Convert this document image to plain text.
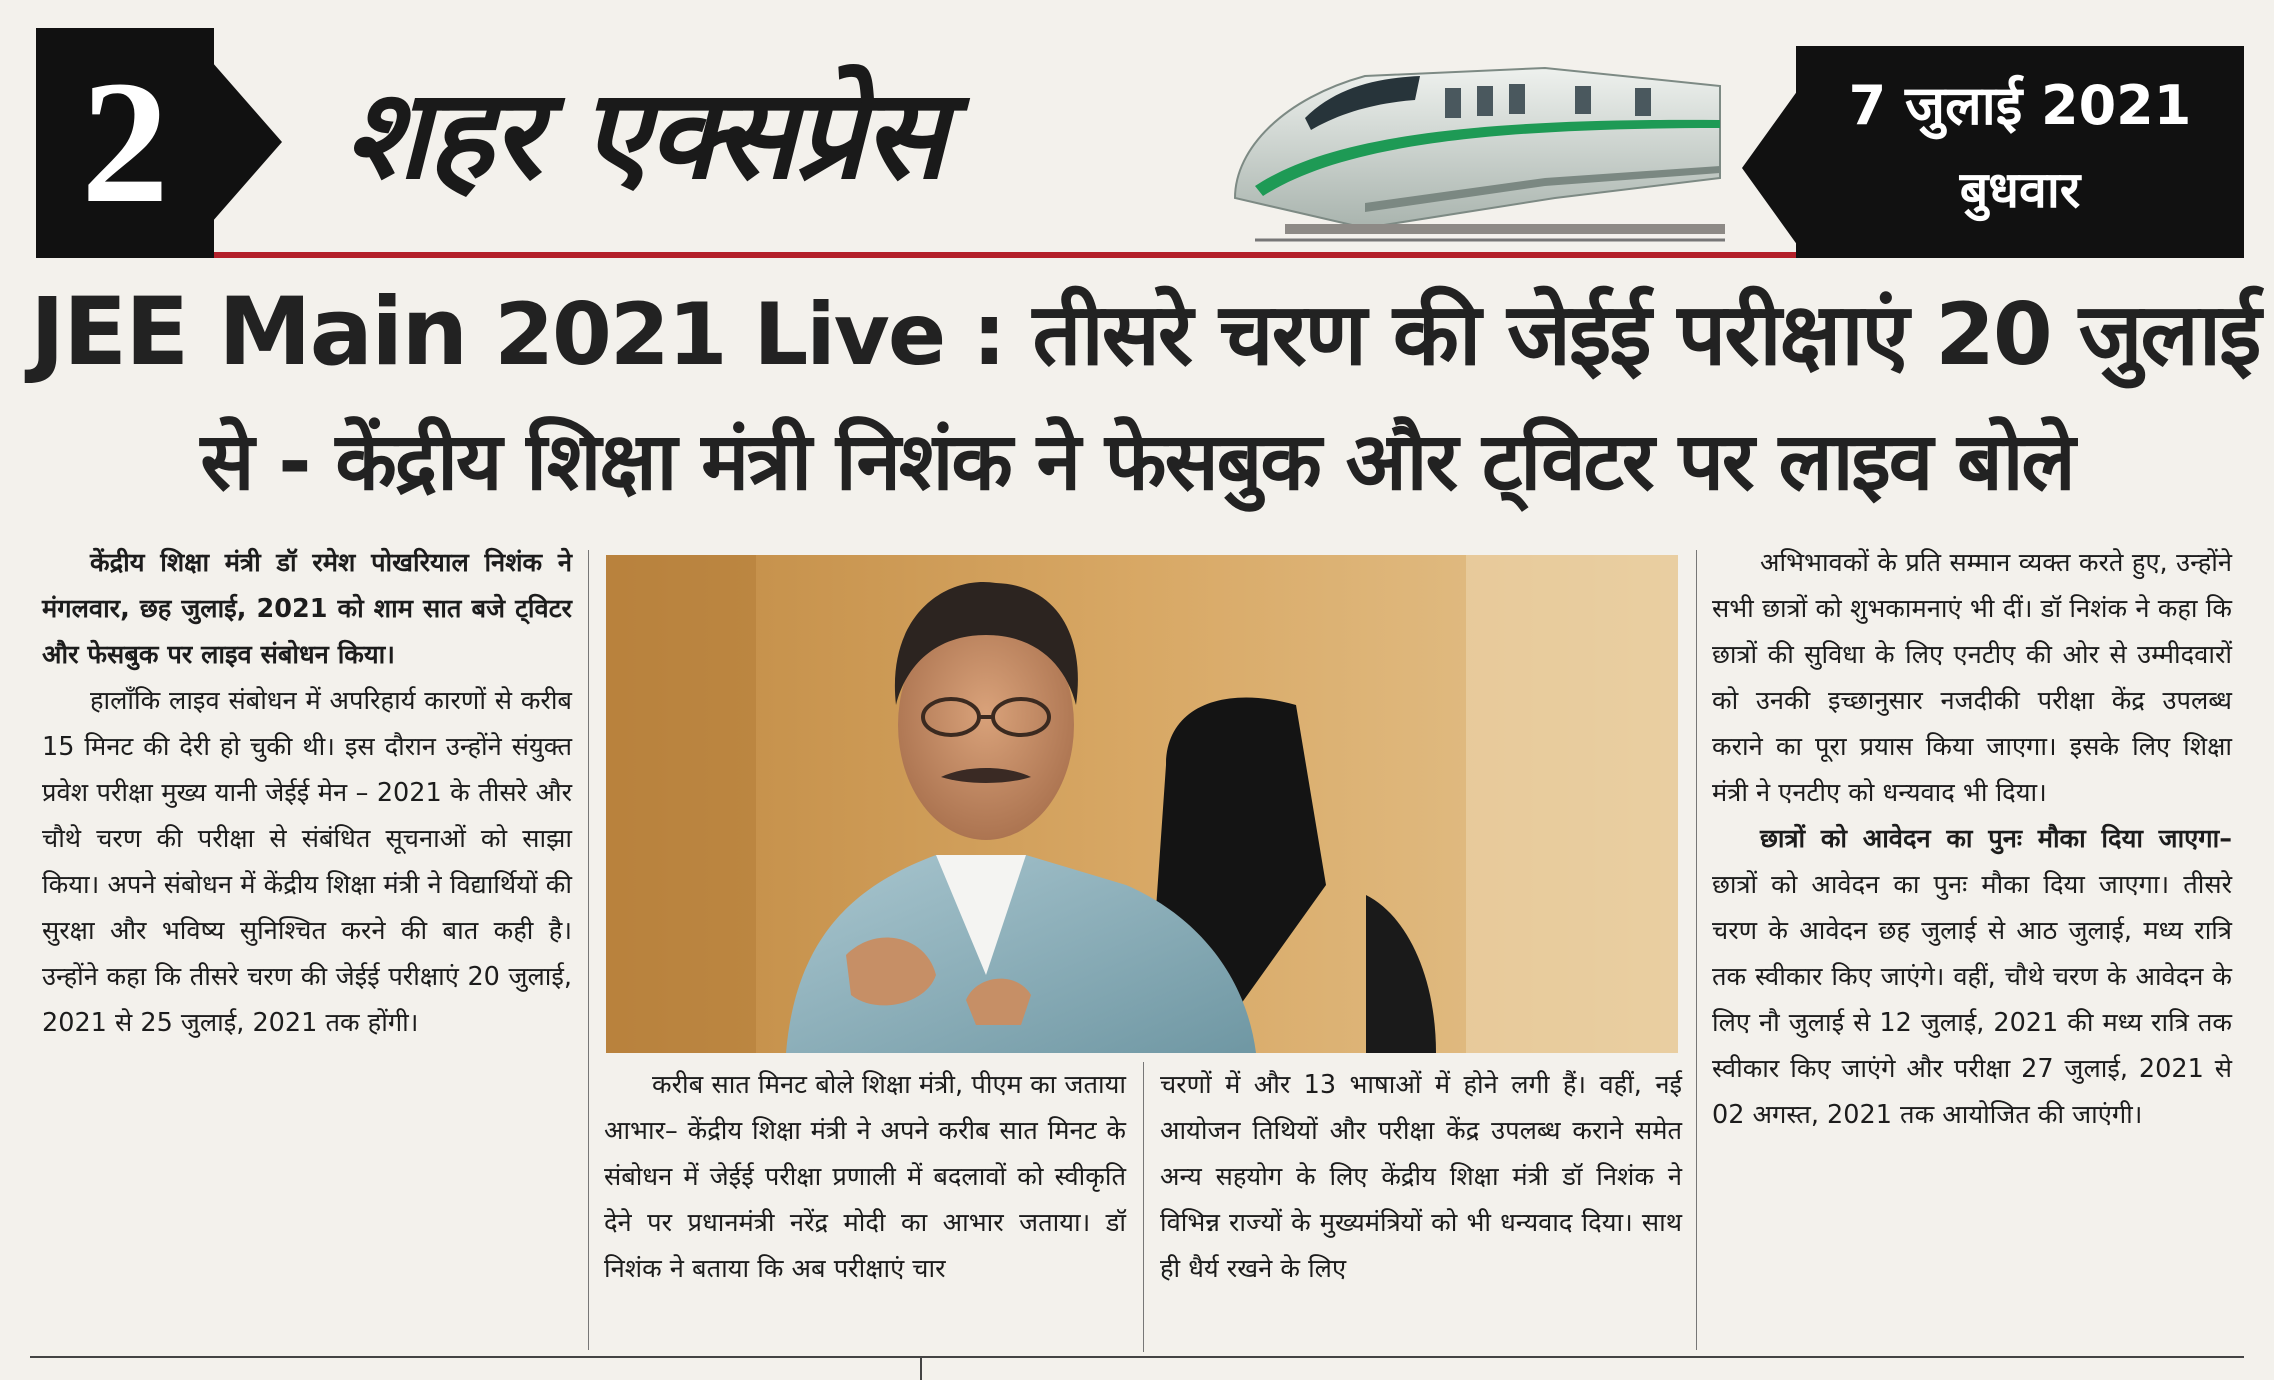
2	शहर एक्सप्रेस	7 जुलाई 2021
बुधवार
JEE Main 2021 Live : तीसरे चरण की जेईई परीक्षाएं 20 जुलाई
से - केंद्रीय शिक्षा मंत्री निशंक ने फेसबुक और ट्विटर पर लाइव बोले

केंद्रीय शिक्षा मंत्री डॉ रमेश पोखरियाल निशंक ने मंगलवार, छह जुलाई, 2021 को शाम सात बजे ट्विटर और फेसबुक पर लाइव संबोधन किया।

हालाँकि लाइव संबोधन में अपरिहार्य कारणों से करीब 15 मिनट की देरी हो चुकी थी। इस दौरान उन्होंने संयुक्त प्रवेश परीक्षा मुख्य यानी जेईई मेन – 2021 के तीसरे और चौथे चरण की परीक्षा से संबंधित सूचनाओं को साझा किया। अपने संबोधन में केंद्रीय शिक्षा मंत्री ने विद्यार्थियों की सुरक्षा और भविष्य सुनिश्चित करने की बात कही है। उन्होंने कहा कि तीसरे चरण की जेईई परीक्षाएं 20 जुलाई, 2021 से 25 जुलाई, 2021 तक होंगी।

करीब सात मिनट बोले शिक्षा मंत्री, पीएम का जताया आभार– केंद्रीय शिक्षा मंत्री ने अपने करीब सात मिनट के संबोधन में जेईई परीक्षा प्रणाली में बदलावों को स्वीकृति देने पर प्रधानमंत्री नरेंद्र मोदी का आभार जताया। डॉ निशंक ने बताया कि अब परीक्षाएं चार

चरणों में और 13 भाषाओं में होने लगी हैं। वहीं, नई आयोजन तिथियों और परीक्षा केंद्र उपलब्ध कराने समेत अन्य सहयोग के लिए केंद्रीय शिक्षा मंत्री डॉ निशंक ने विभिन्न राज्यों के मुख्यमंत्रियों को भी धन्यवाद दिया। साथ ही धैर्य रखने के लिए

अभिभावकों के प्रति सम्मान व्यक्त करते हुए, उन्होंने सभी छात्रों को शुभकामनाएं भी दीं। डॉ निशंक ने कहा कि छात्रों की सुविधा के लिए एनटीए की ओर से उम्मीदवारों को उनकी इच्छानुसार नजदीकी परीक्षा केंद्र उपलब्ध कराने का पूरा प्रयास किया जाएगा। इसके लिए शिक्षा मंत्री ने एनटीए को धन्यवाद भी दिया।

छात्रों को आवेदन का पुनः मौका दिया जाएगा– छात्रों को आवेदन का पुनः मौका दिया जाएगा। तीसरे चरण के आवेदन छह जुलाई से आठ जुलाई, मध्य रात्रि तक स्वीकार किए जाएंगे। वहीं, चौथे चरण के आवेदन के लिए नौ जुलाई से 12 जुलाई, 2021 की मध्य रात्रि तक स्वीकार किए जाएंगे और परीक्षा 27 जुलाई, 2021 से 02 अगस्त, 2021 तक आयोजित की जाएंगी।
